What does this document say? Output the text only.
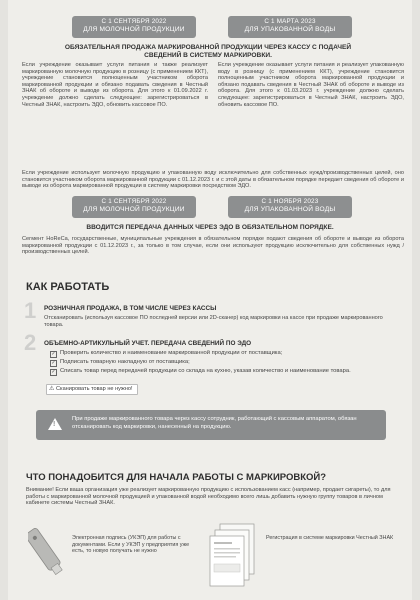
С 1 СЕНТЯБРЯ 2022
ДЛЯ МОЛОЧНОЙ ПРОДУКЦИИ
С 1 МАРТА 2023
ДЛЯ УПАКОВАННОЙ ВОДЫ
ОБЯЗАТЕЛЬНАЯ ПРОДАЖА МАРКИРОВАННОЙ ПРОДУКЦИИ ЧЕРЕЗ КАССУ С ПОДАЧЕЙ СВЕДЕНИЙ В СИСТЕМУ МАРКИРОВКИ.
Если учреждение оказывает услуги питания и также реализует маркированную молочную продукцию в розницу (с применением ККТ), учреждение становится полноценным участником оборота маркированной продукции и обязано подавать сведения в Честный ЗНАК об обороте и выводе из оборота. Для этого к 01.09.2022 г. учреждение должно сделать следующее: зарегистрироваться в Честный ЗНАК, настроить ЭДО, обновить кассовое ПО.
Если учреждение оказывает услуги питания и реализует упакованную воду в розницу (с применением ККТ), учреждение становится полноценным участником оборота маркированной продукции и обязано подавать сведения в Честный ЗНАК об обороте и выводе из оборота. Для этого к 01.03.2023 г. учреждение должно сделать следующее: зарегистрироваться в Честный ЗНАК, настроить ЭДО, обновить кассовое ПО.
Если учреждение использует молочную продукцию и упакованную воду исключительно для собственных нужд/производственных целей, оно становится участником оборота маркированной продукции с 01.12.2023 г. и с этой даты в обязательном порядке передает сведения об обороте и выводе из оборота маркированной продукции в систему маркировки посредством ЭДО.
С 1 СЕНТЯБРЯ 2022
ДЛЯ МОЛОЧНОЙ ПРОДУКЦИИ
С 1 НОЯБРЯ 2023
ДЛЯ УПАКОВАННОЙ ВОДЫ
ВВОДИТСЯ ПЕРЕДАЧА ДАННЫХ ЧЕРЕЗ ЭДО В ОБЯЗАТЕЛЬНОМ ПОРЯДКЕ.
Сегмент HoReCa, государственные, муниципальные учреждения в обязательном порядке подают сведения об обороте и выводе из оборота маркированной продукции с 01.12.2023 г., за только в том случае, если они используют продукцию исключительно для собственных нужд / производственных целей.
КАК РАБОТАТЬ
1 РОЗНИЧНАЯ ПРОДАЖА, В ТОМ ЧИСЛЕ ЧЕРЕЗ КАССЫ
Отсканировать (используя кассовое ПО последней версии или 2D-сканер) код маркировки на кассе при продаже маркированного товара.
2 ОБЪЕМНО-АРТИКУЛЬНЫЙ УЧЕТ. ПЕРЕДАЧА СВЕДЕНИЙ ПО ЭДО
✓ Проверить количество и наименование маркированной продукции от поставщика;
✓ Подписать товарную накладную от поставщика;
✓ Списать товар перед передачей продукции со склада на кухню, указав количество и наименование товара.
⚠ Сканировать товар не нужно!
!
При продаже маркированного товара через кассу сотрудник, работающий с кассовым аппаратом, обязан отсканировать код маркировки, нанесенный на продукцию.
ЧТО ПОНАДОБИТСЯ ДЛЯ НАЧАЛА РАБОТЫ С МАРКИРОВКОЙ?
Внимание! Если ваша организация уже реализует маркированную продукцию с использованием касс (например, продает сигареты), то для работы с маркированной молочной продукцией и упакованной водой необходимо всего лишь добавить нужную группу товаров в личном кабинете системы Честный ЗНАК.
Электронная подпись (УКЭП) для работы с документами. Если у УКЭП у предприятия уже есть, то новую получать не нужно
Регистрация в системе маркировки Честный ЗНАК
